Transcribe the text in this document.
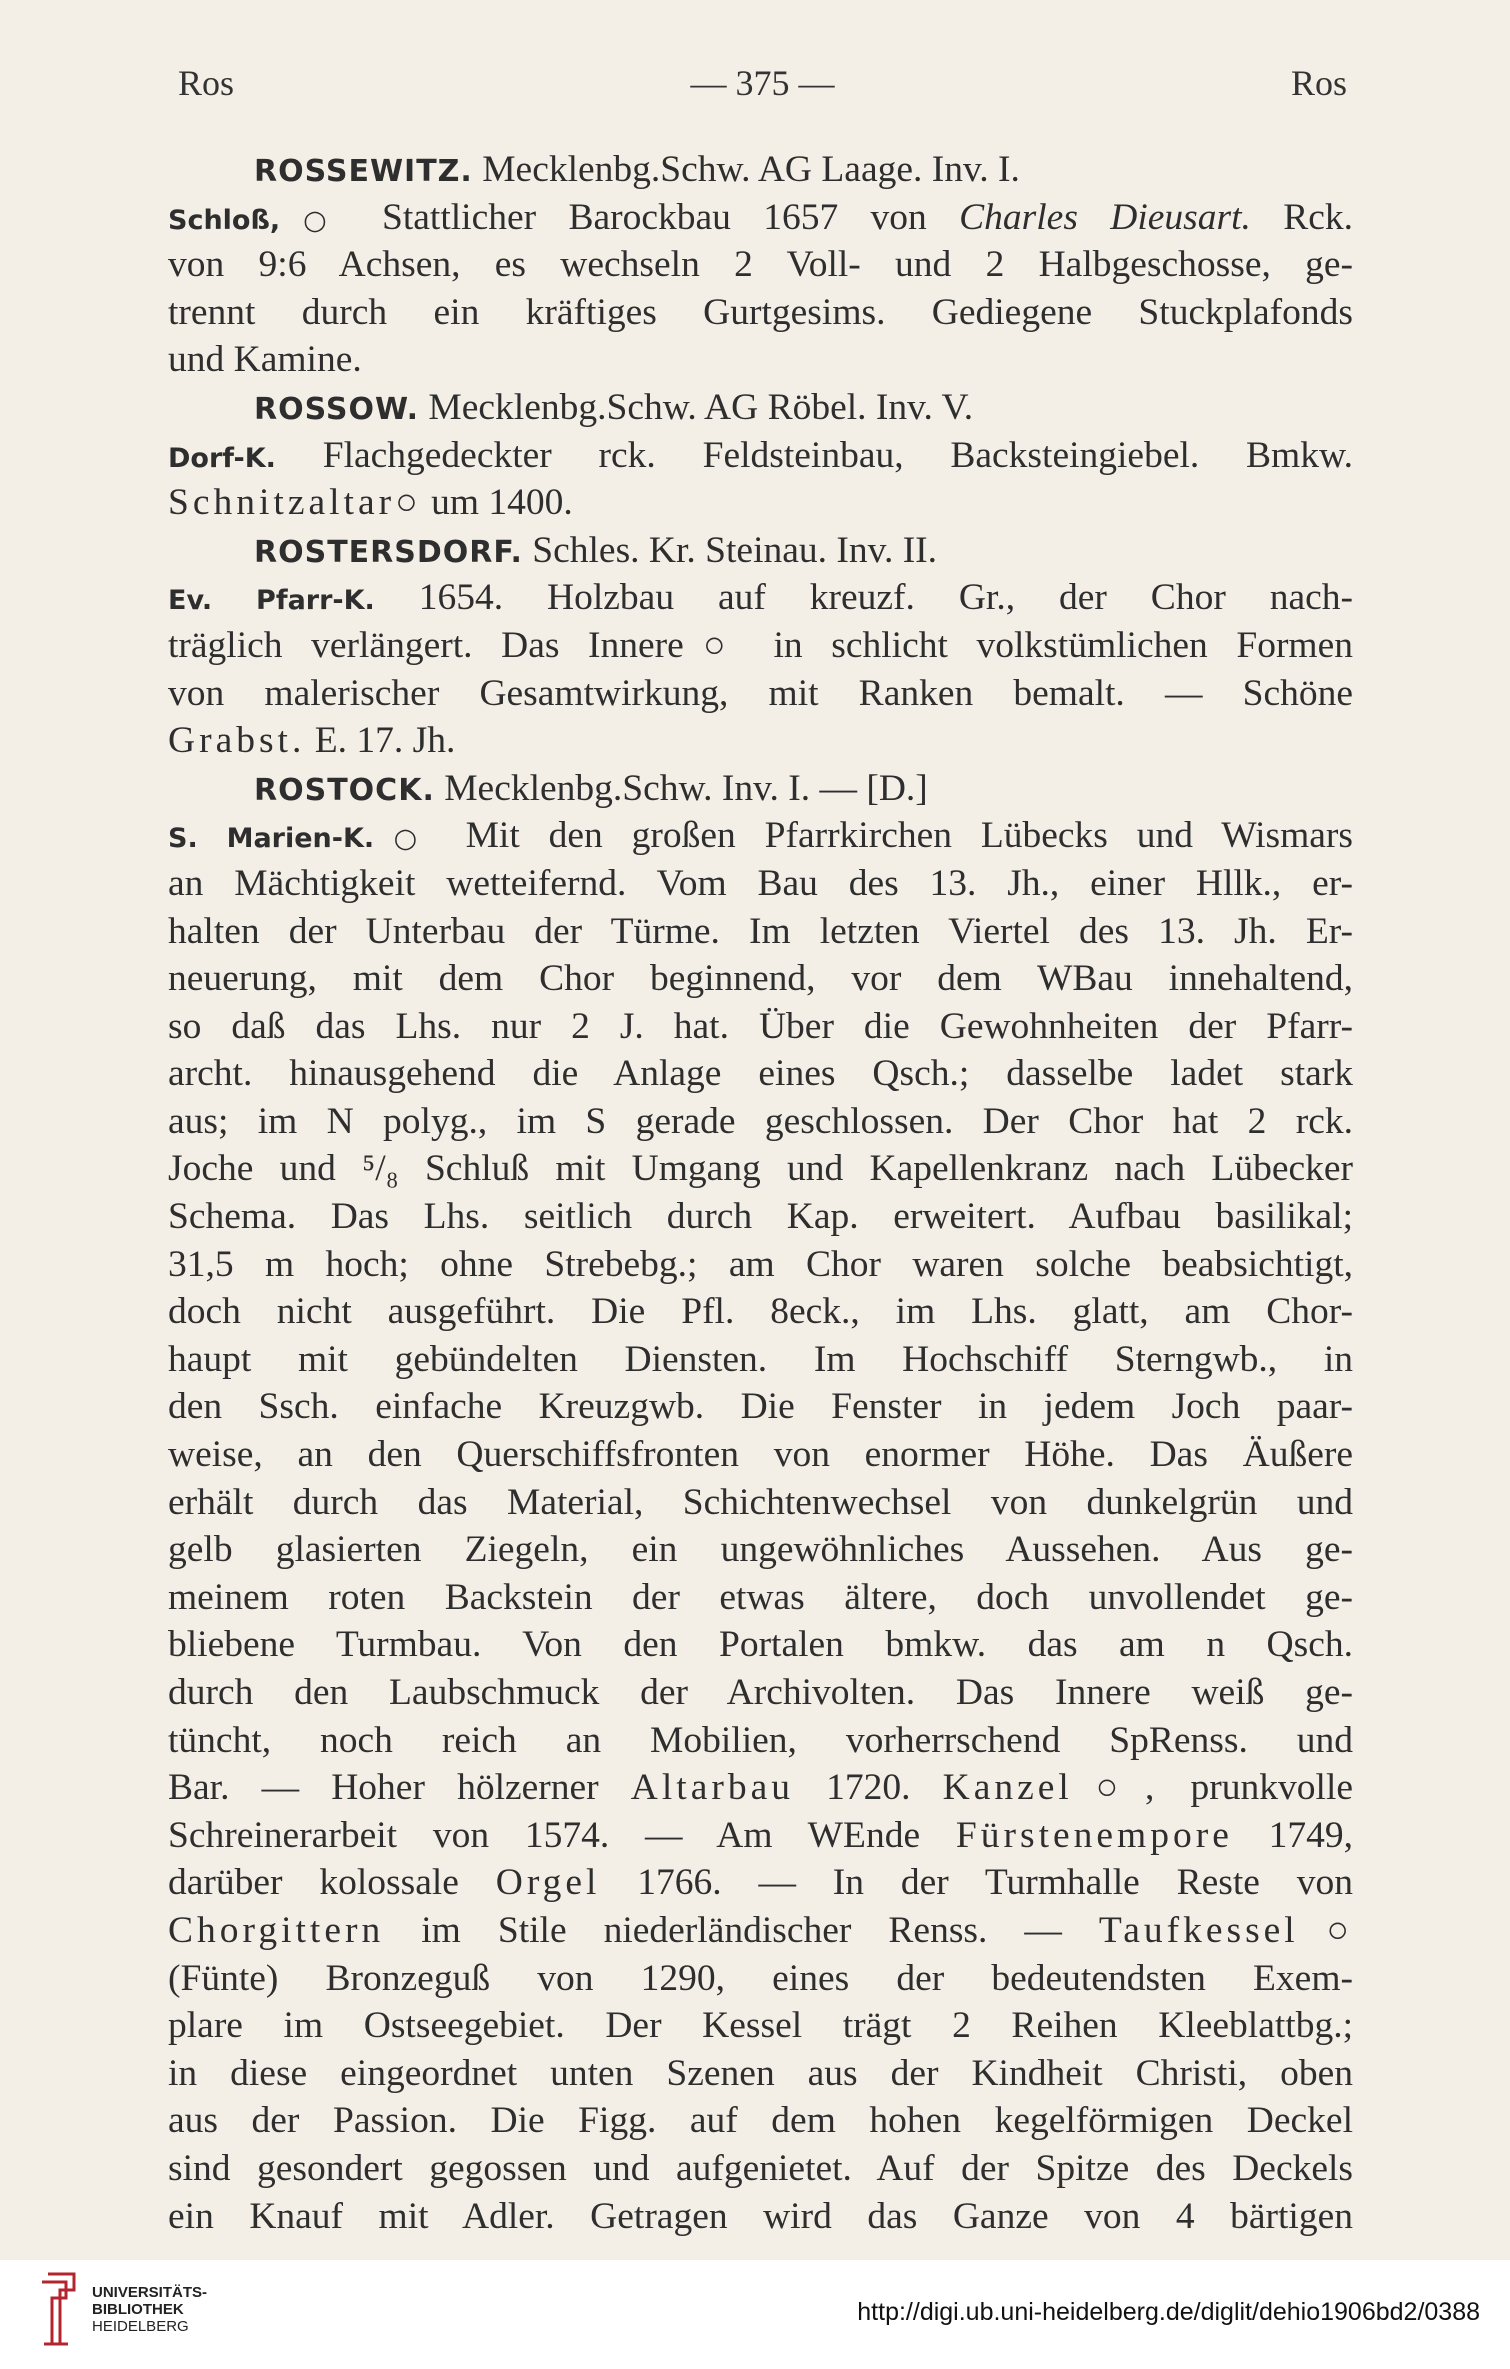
Ros	— 375 —	Ros
ROSSEWITZ. Mecklenbg.Schw. AG Laage. Inv. I.
Schloß,○ Stattlicher Barockbau 1657 von Charles Dieusart. Rck.
von 9:6 Achsen, es wechseln 2 Voll- und 2 Halbgeschosse, ge-
trennt durch ein kräftiges Gurtgesims. Gediegene Stuckplafonds
und Kamine.
ROSSOW. Mecklenbg.Schw. AG Röbel. Inv. V.
Dorf-K. Flachgedeckter rck. Feldsteinbau, Backsteingiebel. Bmkw.
Schnitzaltar○ um 1400.
ROSTERSDORF. Schles. Kr. Steinau. Inv. II.
Ev. Pfarr-K. 1654. Holzbau auf kreuzf. Gr., der Chor nach-
träglich verlängert. Das Innere○ in schlicht volkstümlichen Formen
von malerischer Gesamtwirkung, mit Ranken bemalt. — Schöne
Grabst. E. 17. Jh.
ROSTOCK. Mecklenbg.Schw. Inv. I. — [D.]
S. Marien-K.○ Mit den großen Pfarrkirchen Lübecks und Wismars
an Mächtigkeit wetteifernd. Vom Bau des 13. Jh., einer Hllk., er-
halten der Unterbau der Türme. Im letzten Viertel des 13. Jh. Er-
neuerung, mit dem Chor beginnend, vor dem WBau innehaltend,
so daß das Lhs. nur 2 J. hat. Über die Gewohnheiten der Pfarr-
archt. hinausgehend die Anlage eines Qsch.; dasselbe ladet stark
aus; im N polyg., im S gerade geschlossen. Der Chor hat 2 rck.
Joche und ⁵/₈ Schluß mit Umgang und Kapellenkranz nach Lübecker
Schema. Das Lhs. seitlich durch Kap. erweitert. Aufbau basilikal;
31,5 m hoch; ohne Strebebg.; am Chor waren solche beabsichtigt,
doch nicht ausgeführt. Die Pfl. 8eck., im Lhs. glatt, am Chor-
haupt mit gebündelten Diensten. Im Hochschiff Sterngwb., in
den Ssch. einfache Kreuzgwb. Die Fenster in jedem Joch paar-
weise, an den Querschiffsfronten von enormer Höhe. Das Äußere
erhält durch das Material, Schichtenwechsel von dunkelgrün und
gelb glasierten Ziegeln, ein ungewöhnliches Aussehen. Aus ge-
meinem roten Backstein der etwas ältere, doch unvollendet ge-
bliebene Turmbau. Von den Portalen bmkw. das am n Qsch.
durch den Laubschmuck der Archivolten. Das Innere weiß ge-
tüncht, noch reich an Mobilien, vorherrschend SpRenss. und
Bar. — Hoher hölzerner Altarbau 1720. Kanzel○, prunkvolle
Schreinerarbeit von 1574. — Am WEnde Fürstenempore 1749,
darüber kolossale Orgel 1766. — In der Turmhalle Reste von
Chorgittern im Stile niederländischer Renss. — Taufkessel○
(Fünte) Bronzeguß von 1290, eines der bedeutendsten Exem-
plare im Ostseegebiet. Der Kessel trägt 2 Reihen Kleeblattbg.;
in diese eingeordnet unten Szenen aus der Kindheit Christi, oben
aus der Passion. Die Figg. auf dem hohen kegelförmigen Deckel
sind gesondert gegossen und aufgenietet. Auf der Spitze des Deckels
ein Knauf mit Adler. Getragen wird das Ganze von 4 bärtigen
UNIVERSITÄTS-
BIBLIOTHEK
HEIDELBERG
http://digi.ub.uni-heidelberg.de/diglit/dehio1906bd2/0388
